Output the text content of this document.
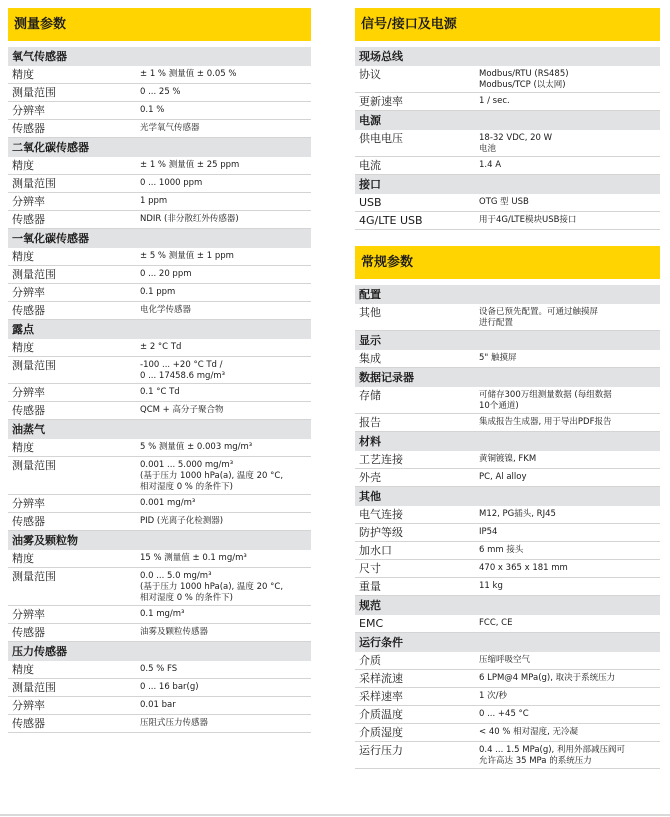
测量参数
氧气传感器
精度	± 1 % 测量值 ± 0.05 %
测量范围	0 ... 25 %
分辨率	0.1 %
传感器	光学氧气传感器
二氧化碳传感器
精度	± 1 % 测量值 ± 25 ppm
测量范围	0 ... 1000 ppm
分辨率	1 ppm
传感器	NDIR (非分散红外传感器)
一氧化碳传感器
精度	± 5 % 测量值 ± 1 ppm
测量范围	0 ... 20 ppm
分辨率	0.1 ppm
传感器	电化学传感器
露点
精度	± 2 °C Td
测量范围	-100 ... +20 °C Td /
0 ... 17458.6 mg/m³
分辨率	0.1 °C Td
传感器	QCM + 高分子聚合物
油蒸气
精度	5 % 测量值 ± 0.003 mg/m³
测量范围	0.001 ... 5.000 mg/m³
(基于压力 1000 hPa(a), 温度 20 °C,
相对湿度 0 % 的条件下)
分辨率	0.001 mg/m³
传感器	PID (光离子化检测器)
油雾及颗粒物
精度	15 % 测量值 ± 0.1 mg/m³
测量范围	0.0 ... 5.0 mg/m³
(基于压力 1000 hPa(a), 温度 20 °C,
相对湿度 0 % 的条件下)
分辨率	0.1 mg/m³
传感器	油雾及颗粒传感器
压力传感器
精度	0.5 % FS
测量范围	0 ... 16 bar(g)
分辨率	0.01 bar
传感器	压阻式压力传感器
信号/接口及电源
现场总线
协议	Modbus/RTU (RS485)
Modbus/TCP (以太网)
更新速率	1 / sec.
电源
供电电压	18-32 VDC, 20 W
电池
电流	1.4 A
接口
USB	OTG 型 USB
4G/LTE USB	用于4G/LTE模块USB接口
常规参数
配置
其他	设备已预先配置。可通过触摸屏
进行配置
显示
集成	5" 触摸屏
数据记录器
存储	可储存300万组测量数据 (每组数据
10个通道)
报告	集成报告生成器, 用于导出PDF报告
材料
工艺连接	黄铜镀镍, FKM
外壳	PC, Al alloy
其他
电气连接	M12, PG插头, RJ45
防护等级	IP54
加水口	6 mm 接头
尺寸	470 x 365 x 181 mm
重量	11 kg
规范
EMC	FCC, CE
运行条件
介质	压缩呼吸空气
采样流速	6 LPM@4 MPa(g), 取决于系统压力
采样速率	1 次/秒
介质温度	0 ... +45 °C
介质湿度	< 40 % 相对湿度, 无冷凝
运行压力	0.4 ... 1.5 MPa(g), 利用外部减压阀可
允许高达 35 MPa 的系统压力
